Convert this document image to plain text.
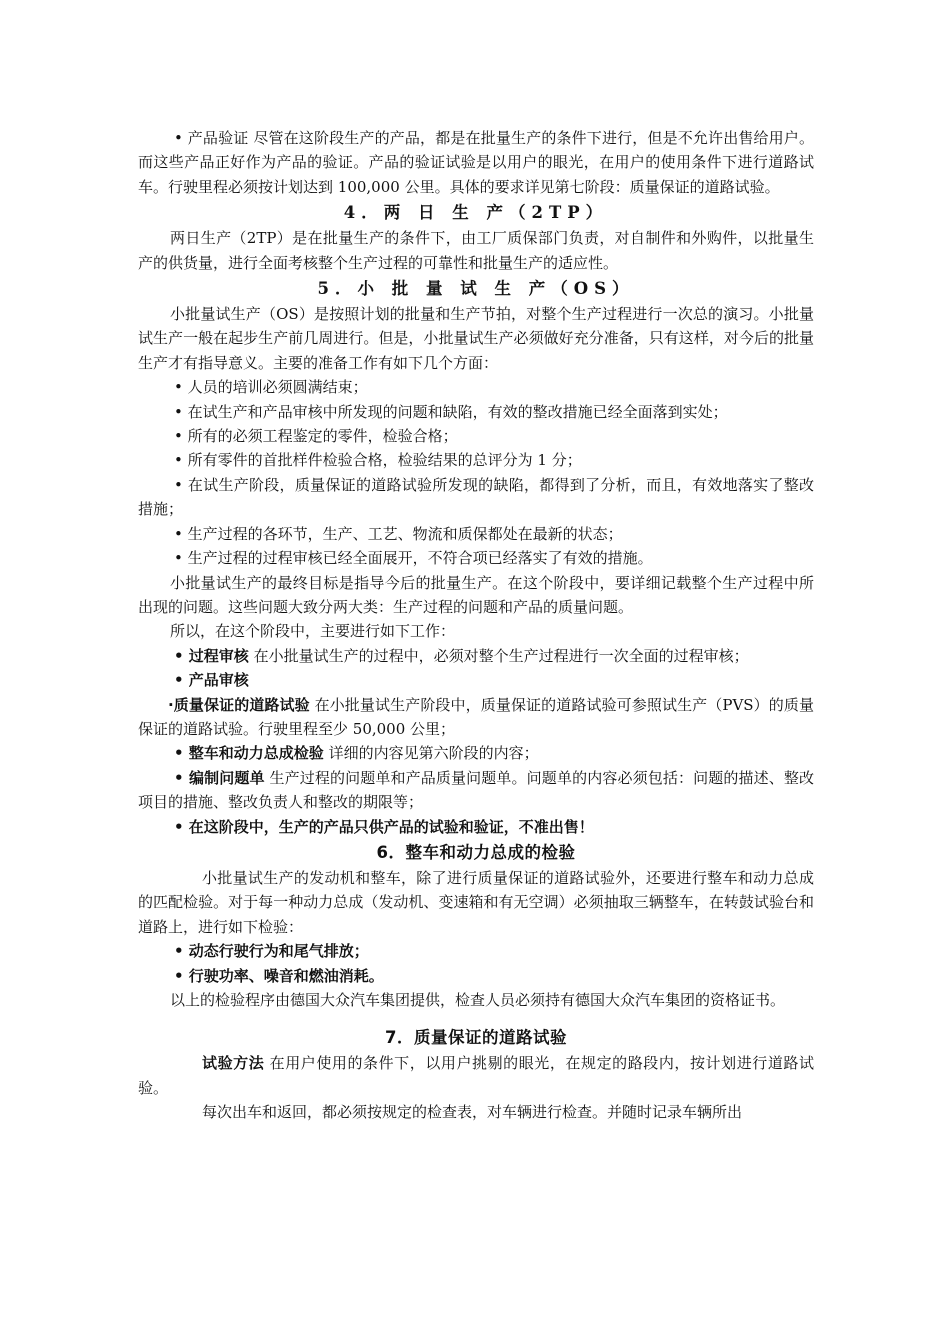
• 产品验证 尽管在这阶段生产的产品，都是在批量生产的条件下进行，但是不允许出售给用户。而这些产品正好作为产品的验证。产品的验证试验是以用户的眼光，在用户的使用条件下进行道路试车。行驶里程必须按计划达到 100,000 公里。具体的要求详见第七阶段：质量保证的道路试验。

4．两 日 生 产（2TP）

两日生产（2TP）是在批量生产的条件下，由工厂质保部门负责，对自制件和外购件，以批量生产的供货量，进行全面考核整个生产过程的可靠性和批量生产的适应性。

5．小 批 量 试 生 产（OS）

小批量试生产（OS）是按照计划的批量和生产节拍，对整个生产过程进行一次总的演习。小批量试生产一般在起步生产前几周进行。但是，小批量试生产必须做好充分准备，只有这样，对今后的批量生产才有指导意义。主要的准备工作有如下几个方面：

• 人员的培训必须圆满结束；

• 在试生产和产品审核中所发现的问题和缺陷，有效的整改措施已经全面落到实处；

• 所有的必须工程鉴定的零件，检验合格；

• 所有零件的首批样件检验合格，检验结果的总评分为 1 分；

• 在试生产阶段，质量保证的道路试验所发现的缺陷，都得到了分析，而且，有效地落实了整改措施；

• 生产过程的各环节，生产、工艺、物流和质保都处在最新的状态；

• 生产过程的过程审核已经全面展开，不符合项已经落实了有效的措施。

小批量试生产的最终目标是指导今后的批量生产。在这个阶段中，要详细记载整个生产过程中所出现的问题。这些问题大致分两大类：生产过程的问题和产品的质量问题。

所以，在这个阶段中，主要进行如下工作：

• 过程审核 在小批量试生产的过程中，必须对整个生产过程进行一次全面的过程审核；

• 产品审核

·质量保证的道路试验 在小批量试生产阶段中，质量保证的道路试验可参照试生产（PVS）的质量保证的道路试验。行驶里程至少 50,000 公里；

• 整车和动力总成检验 详细的内容见第六阶段的内容；

• 编制问题单 生产过程的问题单和产品质量问题单。问题单的内容必须包括：问题的描述、整改项目的措施、整改负责人和整改的期限等；

• 在这阶段中，生产的产品只供产品的试验和验证，不准出售！

6．整车和动力总成的检验

小批量试生产的发动机和整车，除了进行质量保证的道路试验外，还要进行整车和动力总成的匹配检验。对于每一种动力总成（发动机、变速箱和有无空调）必须抽取三辆整车，在转鼓试验台和道路上，进行如下检验：

• 动态行驶行为和尾气排放；

• 行驶功率、噪音和燃油消耗。

以上的检验程序由德国大众汽车集团提供，检查人员必须持有德国大众汽车集团的资格证书。

7．质量保证的道路试验

试验方法 在用户使用的条件下，以用户挑剔的眼光，在规定的路段内，按计划进行道路试验。

每次出车和返回，都必须按规定的检查表，对车辆进行检查。并随时记录车辆所出
